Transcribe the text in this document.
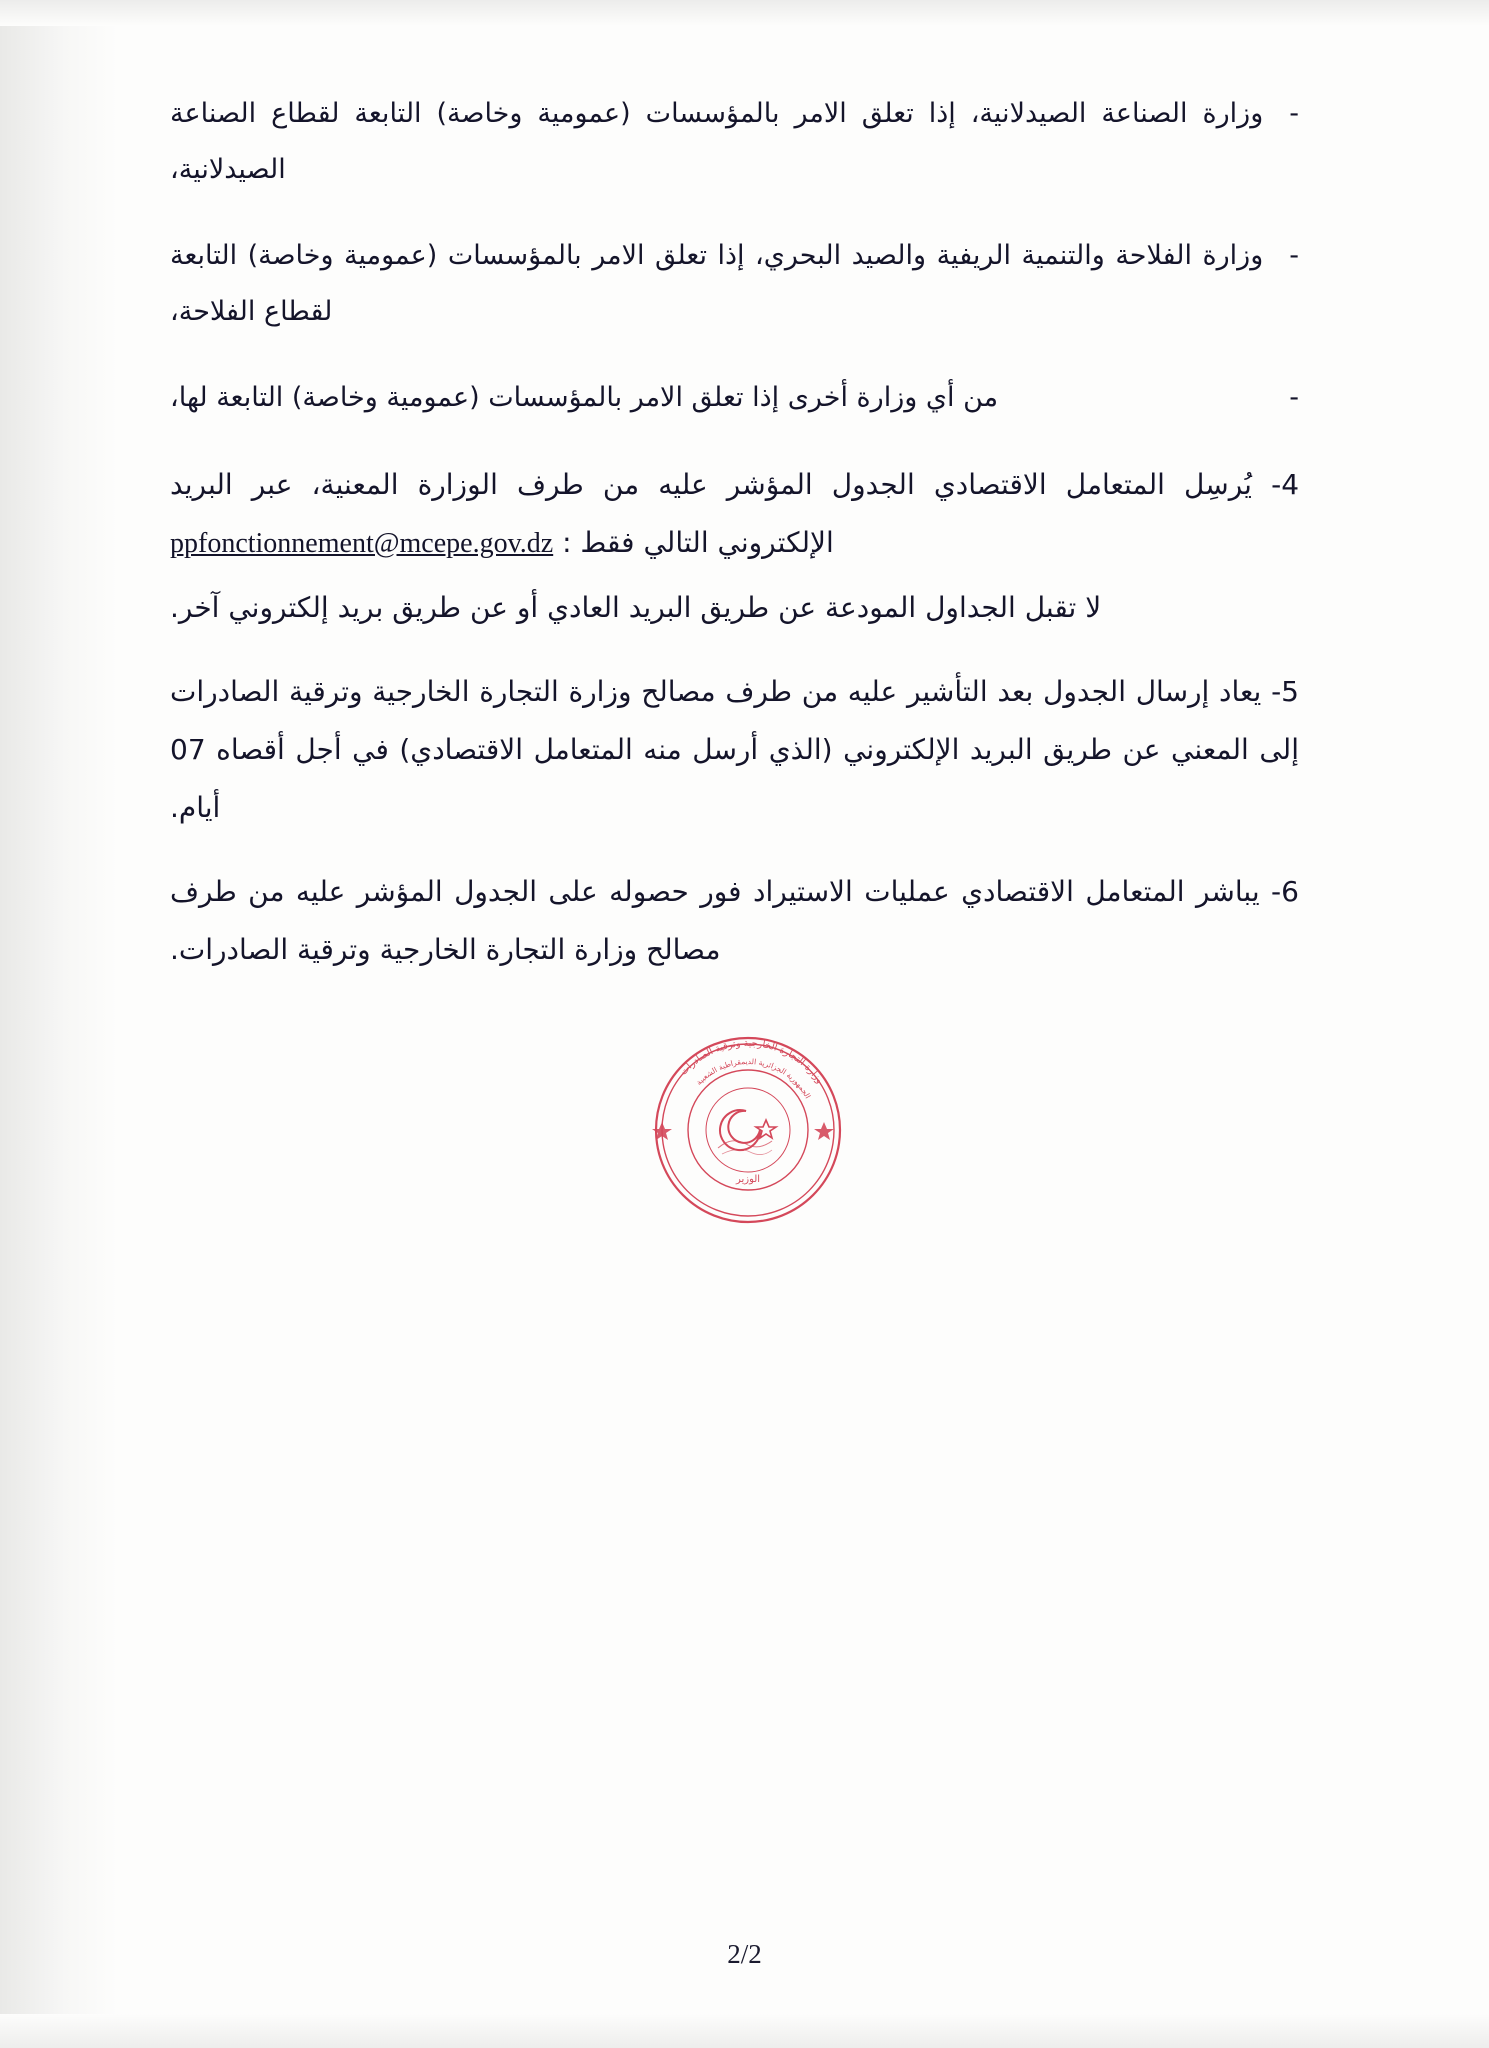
-
وزارة الصناعة الصيدلانية، إذا تعلق الامر بالمؤسسات (عمومية وخاصة) التابعة لقطاع الصناعة الصيدلانية،
-
وزارة الفلاحة والتنمية الريفية والصيد البحري، إذا تعلق الامر بالمؤسسات (عمومية وخاصة) التابعة لقطاع الفلاحة،
-
من أي وزارة أخرى إذا تعلق الامر بالمؤسسات (عمومية وخاصة) التابعة لها،
4- يُرسِل المتعامل الاقتصادي الجدول المؤشر عليه من طرف الوزارة المعنية، عبر البريد الإلكتروني التالي فقط : ppfonctionnement@mcepe.gov.dz
لا تقبل الجداول المودعة عن طريق البريد العادي أو عن طريق بريد إلكتروني آخر.
5- يعاد إرسال الجدول بعد التأشير عليه من طرف مصالح وزارة التجارة الخارجية وترقية الصادرات إلى المعني عن طريق البريد الإلكتروني (الذي أرسل منه المتعامل الاقتصادي) في أجل أقصاه 07 أيام.
6- يباشر المتعامل الاقتصادي عمليات الاستيراد فور حصوله على الجدول المؤشر عليه من طرف مصالح وزارة التجارة الخارجية وترقية الصادرات.
وزارة التجارة الخارجية وترقية الصادرات
الجمهورية الجزائرية الديمقراطية الشعبية
الوزير
2/2
